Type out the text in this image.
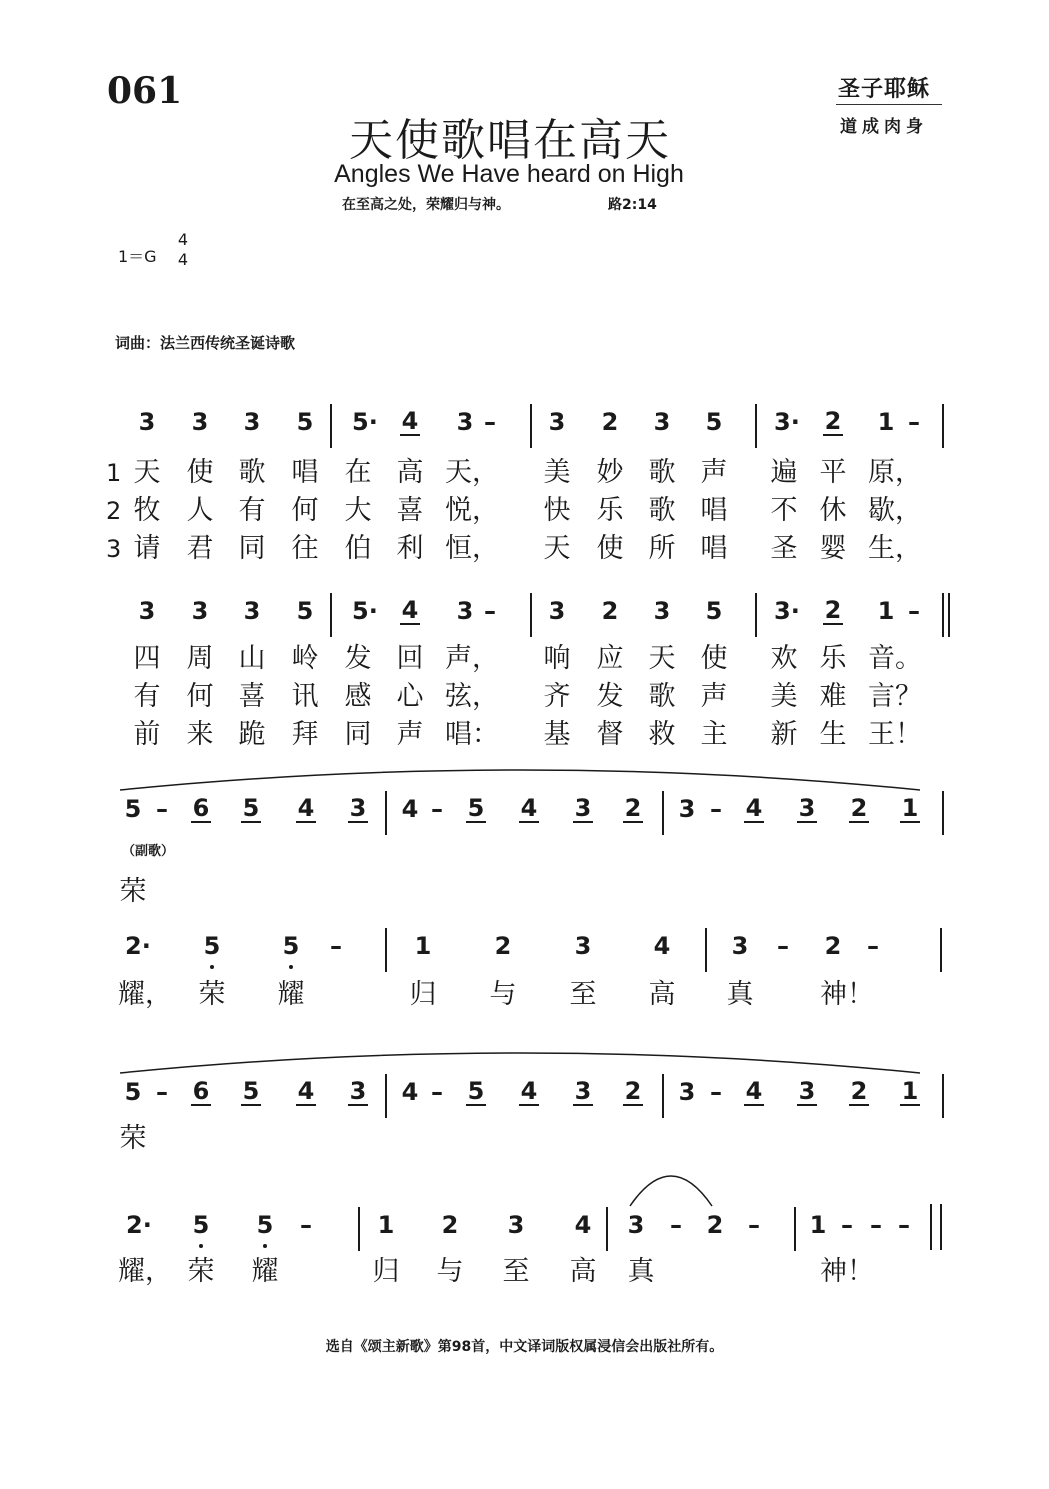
061	圣子耶稣
道成肉身
天使歌唱在高天
Angles We Have heard on High
在至高之处，荣耀归与神。	路2:14
1＝G
4
4
词曲：法兰西传统圣诞诗歌
选自《颂主新歌》第98首，中文译词版权属浸信会出版社所有。
3 3 3 5 5· 4 3 – 3 2 3 5 3· 2 1 –
3 3 3 5 5· 4 3 – 3 2 3 5 3· 2 1 –
1 天 使 歌 唱 在 高 天， 美 妙 歌 声 遍 平 原，
2 牧 人 有 何 大 喜 悦， 快 乐 歌 唱 不 休 歇，
3 请 君 同 往 伯 利 恒， 天 使 所 唱 圣 婴 生，
四 周 山 岭 发 回 声， 响 应 天 使 欢 乐 音。
有 何 喜 讯 感 心 弦， 齐 发 歌 声 美 难 言？
前 来 跪 拜 同 声 唱： 基 督 救 主 新 生 王！
5 – 6 5 4 3 4 – 5 4 3 2 3 – 4 3 2 1
5 – 6 5 4 3 4 – 5 4 3 2 3 – 4 3 2 1
（副歌）
荣
荣
2· 5	5 –	1	2	3	4	3 – 2 –
耀， 荣 耀	归 与 至 高 真 神！
2· 5 5 –	1 2 3 4 3 – 2 – 1 – – –
耀， 荣 耀	归 与 至 高 真	神！
